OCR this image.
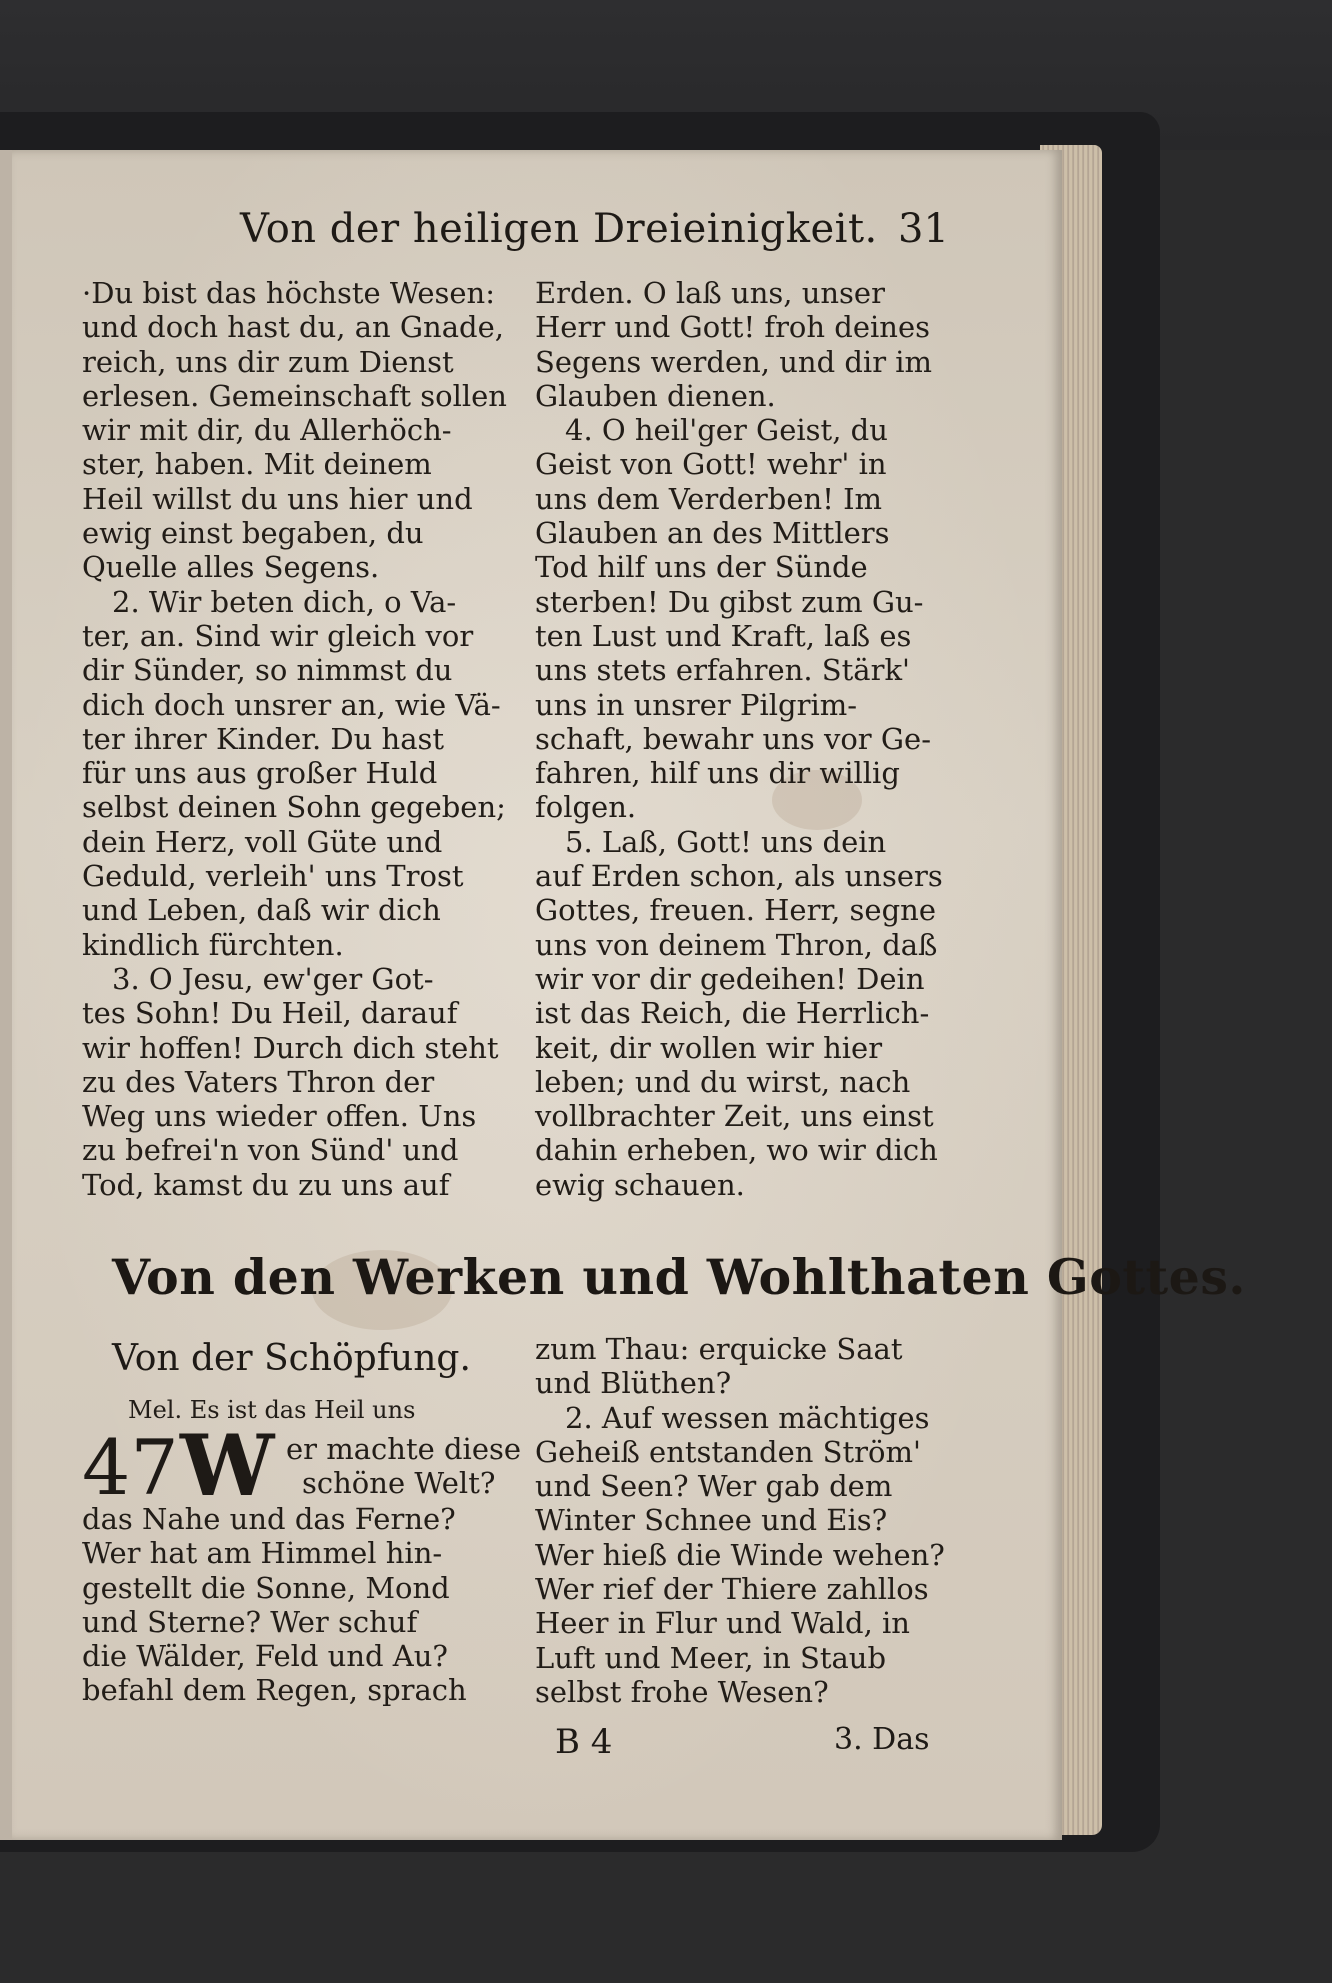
Von der heiligen Dreieinigkeit. 31
·Du bist das höchste Wesen:
und doch hast du, an Gnade,
reich, uns dir zum Dienst
erlesen. Gemeinschaft sollen
wir mit dir, du Allerhöch-
ster, haben. Mit deinem
Heil willst du uns hier und
ewig einst begaben, du
Quelle alles Segens.
2. Wir beten dich, o Va-
ter, an. Sind wir gleich vor
dir Sünder, so nimmst du
dich doch unsrer an, wie Vä-
ter ihrer Kinder. Du hast
für uns aus großer Huld
selbst deinen Sohn gegeben;
dein Herz, voll Güte und
Geduld, verleih' uns Trost
und Leben, daß wir dich
kindlich fürchten.
3. O Jesu, ew'ger Got-
tes Sohn! Du Heil, darauf
wir hoffen! Durch dich steht
zu des Vaters Thron der
Weg uns wieder offen. Uns
zu befrei'n von Sünd' und
Tod, kamst du zu uns auf
Erden. O laß uns, unser
Herr und Gott! froh deines
Segens werden, und dir im
Glauben dienen.
4. O heil'ger Geist, du
Geist von Gott! wehr' in
uns dem Verderben! Im
Glauben an des Mittlers
Tod hilf uns der Sünde
sterben! Du gibst zum Gu-
ten Lust und Kraft, laß es
uns stets erfahren. Stärk'
uns in unsrer Pilgrim-
schaft, bewahr uns vor Ge-
fahren, hilf uns dir willig
folgen.
5. Laß, Gott! uns dein
auf Erden schon, als unsers
Gottes, freuen. Herr, segne
uns von deinem Thron, daß
wir vor dir gedeihen! Dein
ist das Reich, die Herrlich-
keit, dir wollen wir hier
leben; und du wirst, nach
vollbrachter Zeit, uns einst
dahin erheben, wo wir dich
ewig schauen.
Von den Werken und Wohlthaten Gottes.
Von der Schöpfung.
Mel. Es ist das Heil uns
47 W er machte diese
schöne Welt?
das Nahe und das Ferne?
Wer hat am Himmel hin-
gestellt die Sonne, Mond
und Sterne? Wer schuf
die Wälder, Feld und Au?
befahl dem Regen, sprach
zum Thau: erquicke Saat
und Blüthen?
2. Auf wessen mächtiges
Geheiß entstanden Ström'
und Seen? Wer gab dem
Winter Schnee und Eis?
Wer hieß die Winde wehen?
Wer rief der Thiere zahllos
Heer in Flur und Wald, in
Luft und Meer, in Staub
selbst frohe Wesen?
B 4	3. Das
